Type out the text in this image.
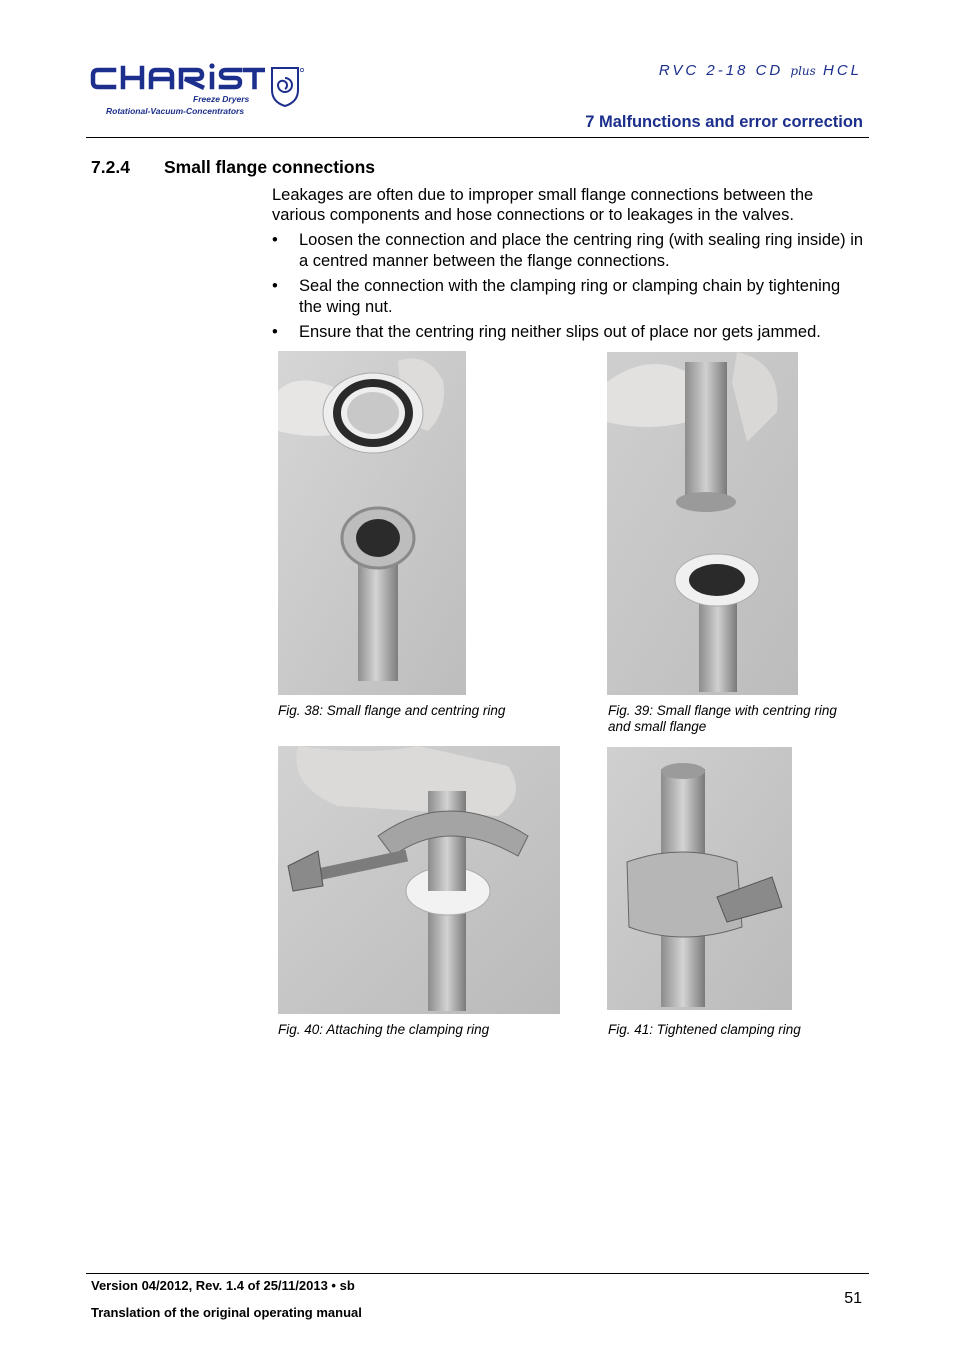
Freeze Dryers
Rotational-Vacuum-Concentrators
RVC 2-18 CD plus HCL
7 Malfunctions and error correction
7.2.4 Small flange connections
Leakages are often due to improper small flange connections between the various components and hose connections or to leakages in the valves.
• Loosen the connection and place the centring ring (with sealing ring inside) in a centred manner between the flange connections.
• Seal the connection with the clamping ring or clamping chain by tightening the wing nut.
• Ensure that the centring ring neither slips out of place nor gets jammed.
Fig. 38: Small flange and centring ring	Fig. 39: Small flange with centring ring and small flange
Fig. 40: Attaching the clamping ring	Fig. 41: Tightened clamping ring
Version 04/2012, Rev. 1.4 of 25/11/2013 • sb
Translation of the original operating manual
51
